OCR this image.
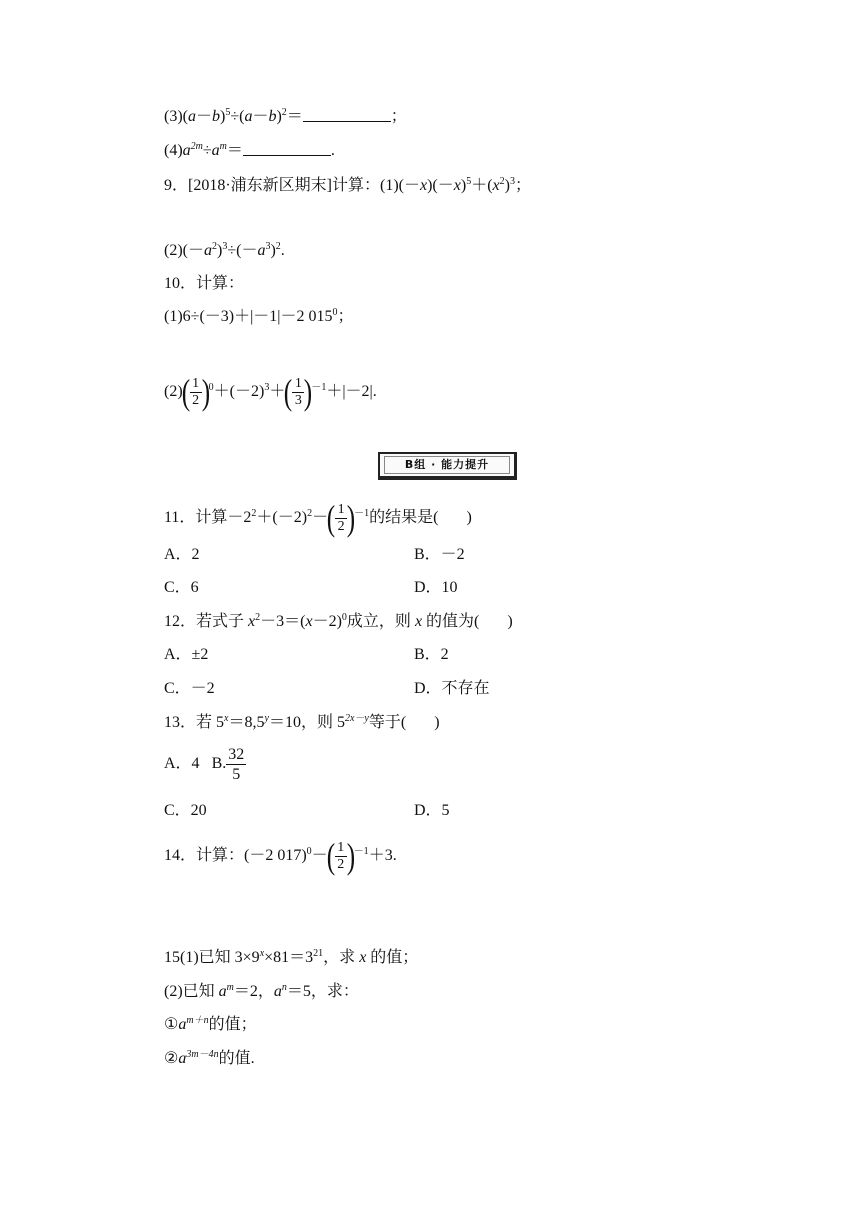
$(3)(a-b)^5\div(a-b)^2=$	；
$(4)a^{2m}\div a^m=$	.
9．[2018·浦东新区期末]计算：$(1)(-x)(-x)^5+(x^2)^3$；
$(2)(-a^2)^3\div(-a^3)^2$.
10．计算：
(1)6÷(－3)＋|－1|－2 $015^0$；
(2)
( $\frac{1}{2}$ )
$^0+(-2)^3+$
( $\frac{1}{3}$ )
$^{-1}$＋|－2|.
B组 · 能力提升
11．计算$-2^2+(-2)^2-$
( $\frac{1}{2}$ )
$^{-1}$的结果是( )
A．2	B．－2
C．6	D．10
12．若式子 $x^2-3=(x-2)^0$成立，则 x 的值为( )
A．±2	B．2
C．－2	D．不存在
13．若 $5^x=8,5^y=10$，则 $5^{2x-y}$等于( )
A．4 B. $\frac{32}{5}$
C．20	D．5
14．计算：(－2 017)$^0$－
( $\frac{1}{2}$ )
$^{-1}$＋3.
15(1)已知 $3\times 9^x\times 81=3^{21}$，求 x 的值；
(2)已知 $a^m=2$，$a^n=5$，求：
$①a^{m+n}$的值；
$②a^{3m-4n}$的值.
